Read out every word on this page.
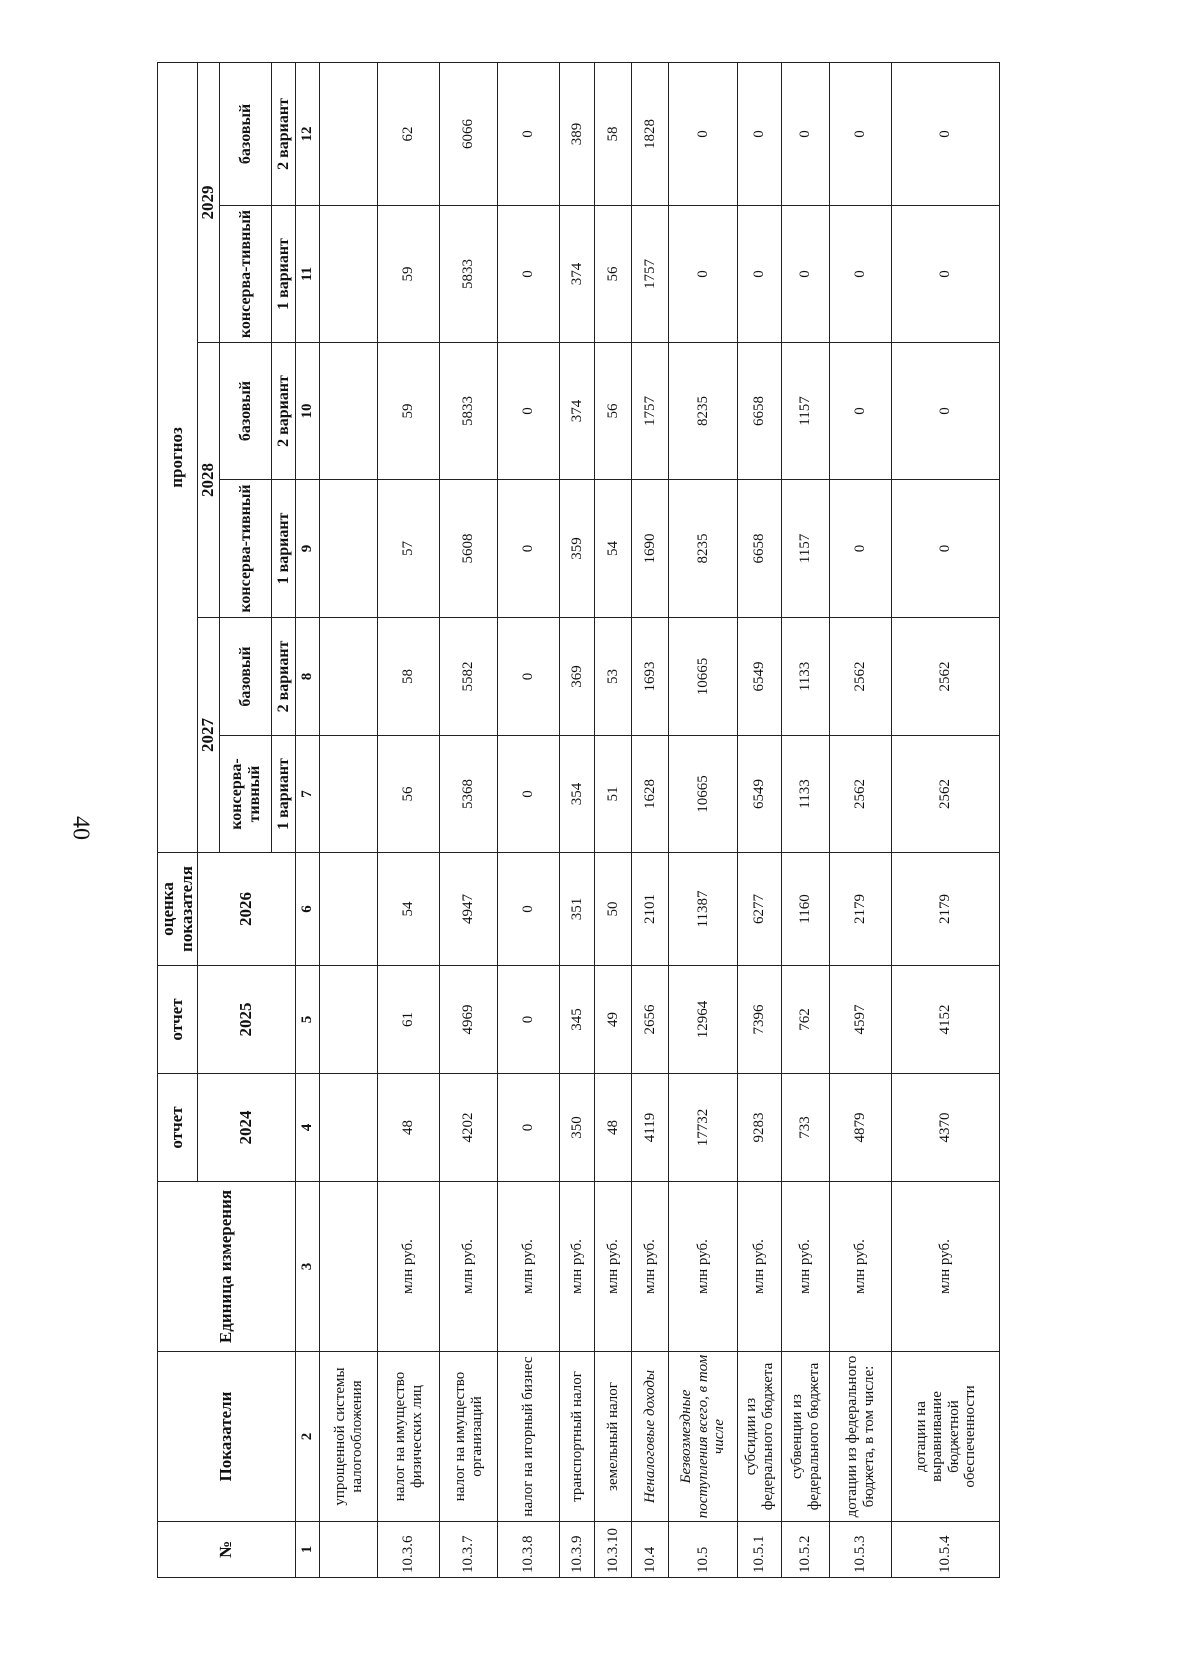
40
№	Показатели	Единица измерения	отчет	отчет	оценка показателя	прогноз					
			2024	2025	2026	2027		2028		2029	
						консерва-тивный	базовый	консерва-тивный	базовый	консерва-тивный	базовый
						1 вариант	2 вариант	1 вариант	2 вариант	1 вариант	2 вариант
1	2	3	4	5	6	7	8	9	10	11	12
	упрощенной системы налогообложения										
10.3.6	налог на имущество физических лиц	млн руб.	48	61	54	56	58	57	59	59	62
10.3.7	налог на имущество организаций	млн руб.	4202	4969	4947	5368	5582	5608	5833	5833	6066
10.3.8	налог на игорный бизнес	млн руб.	0	0	0	0	0	0	0	0	0
10.3.9	транспортный налог	млн руб.	350	345	351	354	369	359	374	374	389
10.3.10	земельный налог	млн руб.	48	49	50	51	53	54	56	56	58
10.4	Неналоговые доходы	млн руб.	4119	2656	2101	1628	1693	1690	1757	1757	1828
10.5	Безвозмездные поступления всего, в том числе	млн руб.	17732	12964	11387	10665	10665	8235	8235	0	0
10.5.1	субсидии из федерального бюджета	млн руб.	9283	7396	6277	6549	6549	6658	6658	0	0
10.5.2	субвенции из федерального бюджета	млн руб.	733	762	1160	1133	1133	1157	1157	0	0
10.5.3	дотации из федерального бюджета, в том числе:	млн руб.	4879	4597	2179	2562	2562	0	0	0	0
10.5.4	дотации на выравнивание бюджетной обеспеченности	млн руб.	4370	4152	2179	2562	2562	0	0	0	0
